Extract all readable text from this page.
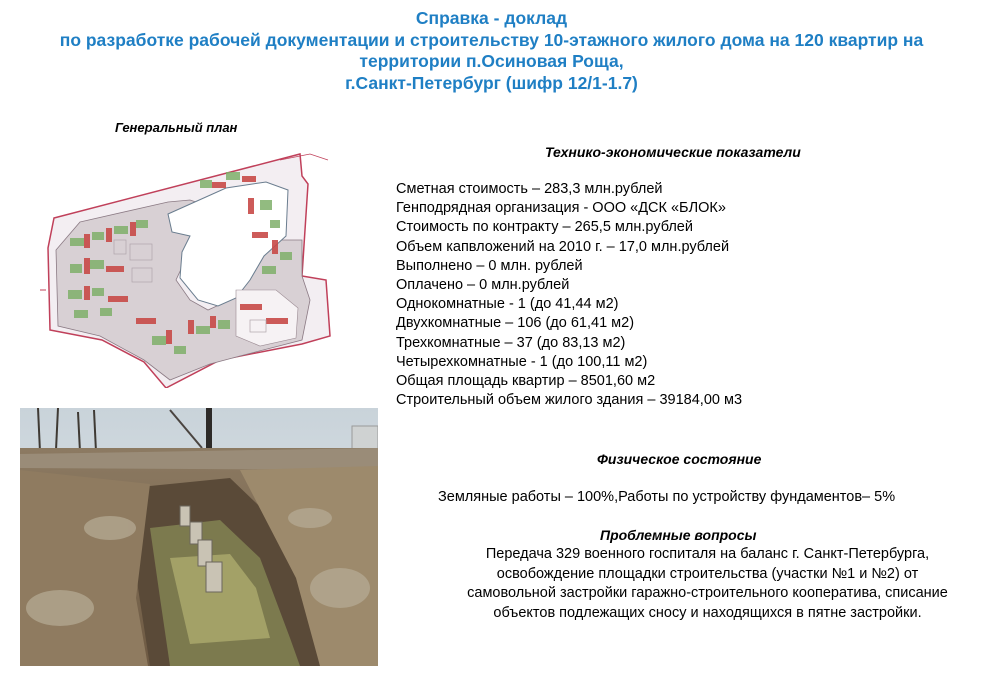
Справка - доклад
по разработке рабочей документации и строительству 10-этажного жилого дома на 120 квартир на
территории п.Осиновая Роща,
г.Санкт-Петербург (шифр 12/1-1.7)
Генеральный план
Технико-экономические показатели
Сметная стоимость – 283,3 млн.рублей
Генподрядная организация - ООО «ДСК «БЛОК»
Стоимость по контракту – 265,5 млн.рублей
Объем капвложений на 2010 г. – 17,0 млн.рублей
Выполнено – 0 млн. рублей
Оплачено – 0 млн.рублей
Однокомнатные - 1 (до 41,44 м2)
Двухкомнатные – 106 (до 61,41 м2)
Трехкомнатные – 37 (до 83,13 м2)
Четырехкомнатные - 1 (до 100,11 м2)
Общая площадь квартир – 8501,60 м2
Строительный объем жилого здания – 39184,00 м3
Физическое состояние
Земляные работы – 100%,Работы по устройству фундаментов– 5%
Проблемные вопросы
Передача 329 военного госпиталя на баланс г. Санкт-Петербурга,
освобождение площадки строительства (участки №1 и №2) от
самовольной застройки гаражно-строительного кооператива, списание
объектов подлежащих сносу и находящихся в пятне застройки.
